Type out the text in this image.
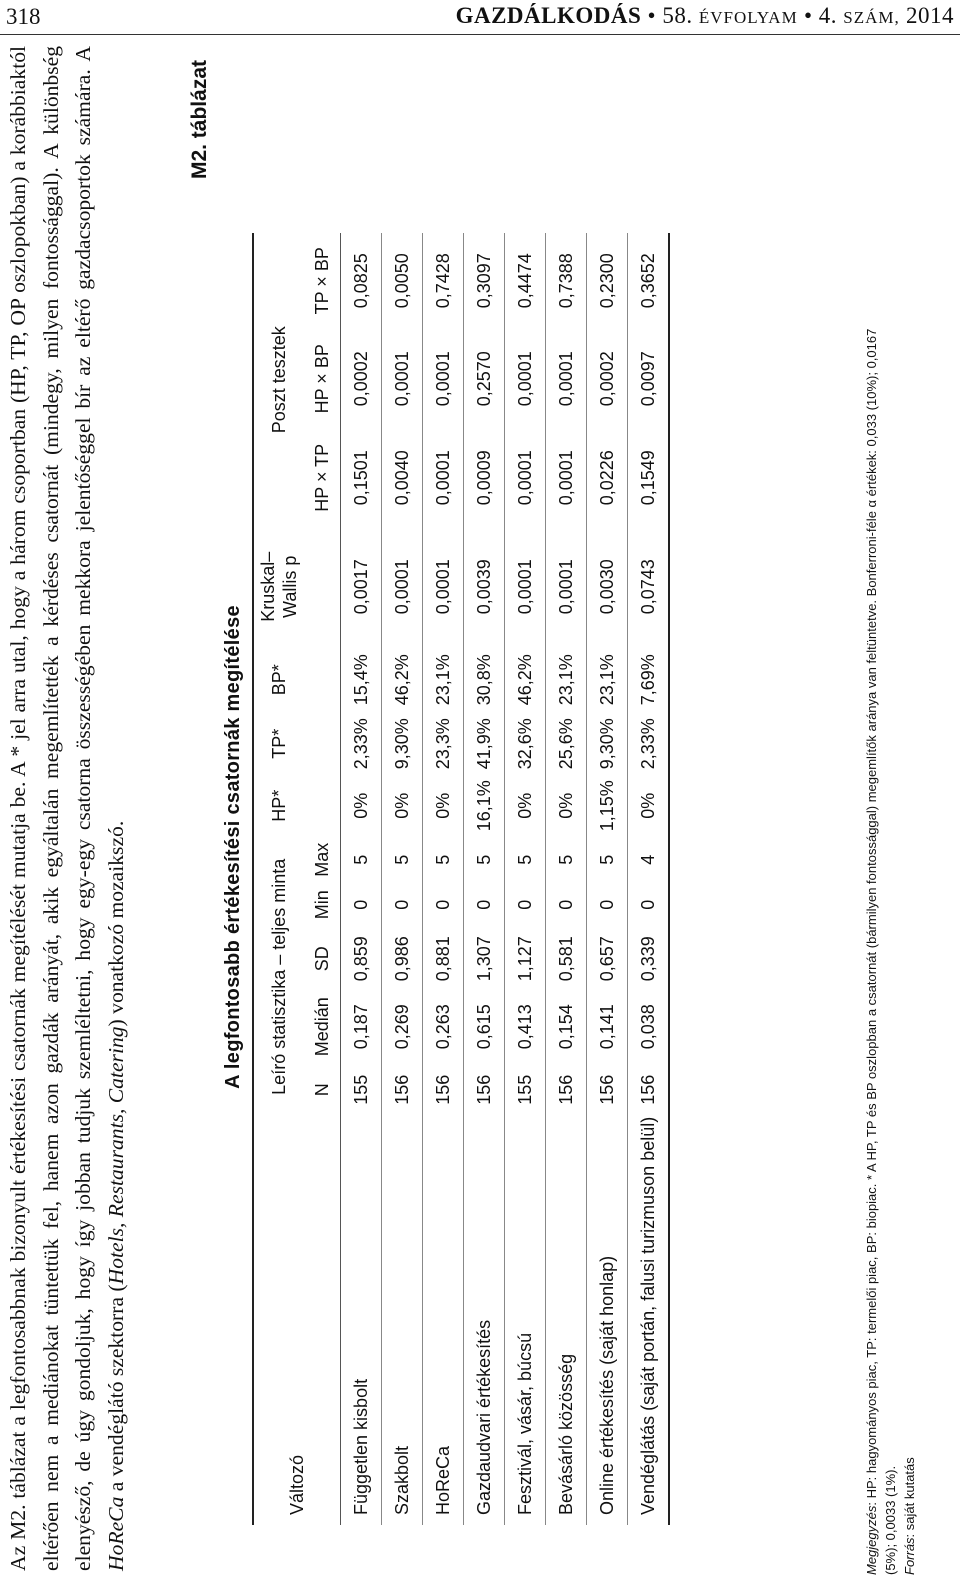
318	GAZDÁLKODÁS • 58. ÉVFOLYAM • 4. SZÁM, 2014
Az M2. táblázat a legfontosabbnak bizonyult értékesítési csatornák megítélését mutatja be. A * jel arra utal, hogy a három csoportban (HP, TP, OP oszlopokban) a korábbiaktól eltérően nem a mediánokat tüntettük fel, hanem azon gazdák arányát, akik egyáltalán megemlítették a kérdéses csatornát (mindegy, milyen fontossággal). A különbség elenyésző, de úgy gondoljuk, hogy így jobban tudjuk szemléltetni, hogy egy-egy csatorna összességében mekkora jelentőséggel bír az eltérő gazdacsoportok számára. A HoReCa a vendéglátó szektorra (Hotels, Restaurants, Catering) vonatkozó mozaikszó.
M2. táblázat
A legfontosabb értékesítési csatornák megítélése
Változó	Leíró statisztika – teljes minta					HP*	TP*	BP*	Kruskal– Wallis p	Poszt tesztek		
	N	Medián	SD	Min	Max					HP × TP	HP × BP	TP × BP
Független kisbolt	155	0,187	0,859	0	5	0%	2,33%	15,4%	0,0017	0,1501	0,0002	0,0825
Szakbolt	156	0,269	0,986	0	5	0%	9,30%	46,2%	0,0001	0,0040	0,0001	0,0050
HoReCa	156	0,263	0,881	0	5	0%	23,3%	23,1%	0,0001	0,0001	0,0001	0,7428
Gazdaudvari értékesítés	156	0,615	1,307	0	5	16,1%	41,9%	30,8%	0,0039	0,0009	0,2570	0,3097
Fesztivál, vásár, búcsú	155	0,413	1,127	0	5	0%	32,6%	46,2%	0,0001	0,0001	0,0001	0,4474
Bevásárló közösség	156	0,154	0,581	0	5	0%	25,6%	23,1%	0,0001	0,0001	0,0001	0,7388
Online értékesítés (saját honlap)	156	0,141	0,657	0	5	1,15%	9,30%	23,1%	0,0030	0,0226	0,0002	0,2300
Vendéglátás (saját portán, falusi turizmuson belül)	156	0,038	0,339	0	4	0%	2,33%	7,69%	0,0743	0,1549	0,0097	0,3652
Megjegyzés: HP: hagyományos piac, TP: termelői piac, BP: biopiac. * A HP, TP és BP oszlopban a csatornát (bármilyen fontossággal) megemlítők aránya van feltüntetve. Bonferroni-féle α értékek: 0,033 (10%); 0,0167
(5%); 0,0033 (1%). Forrás: saját kutatás
